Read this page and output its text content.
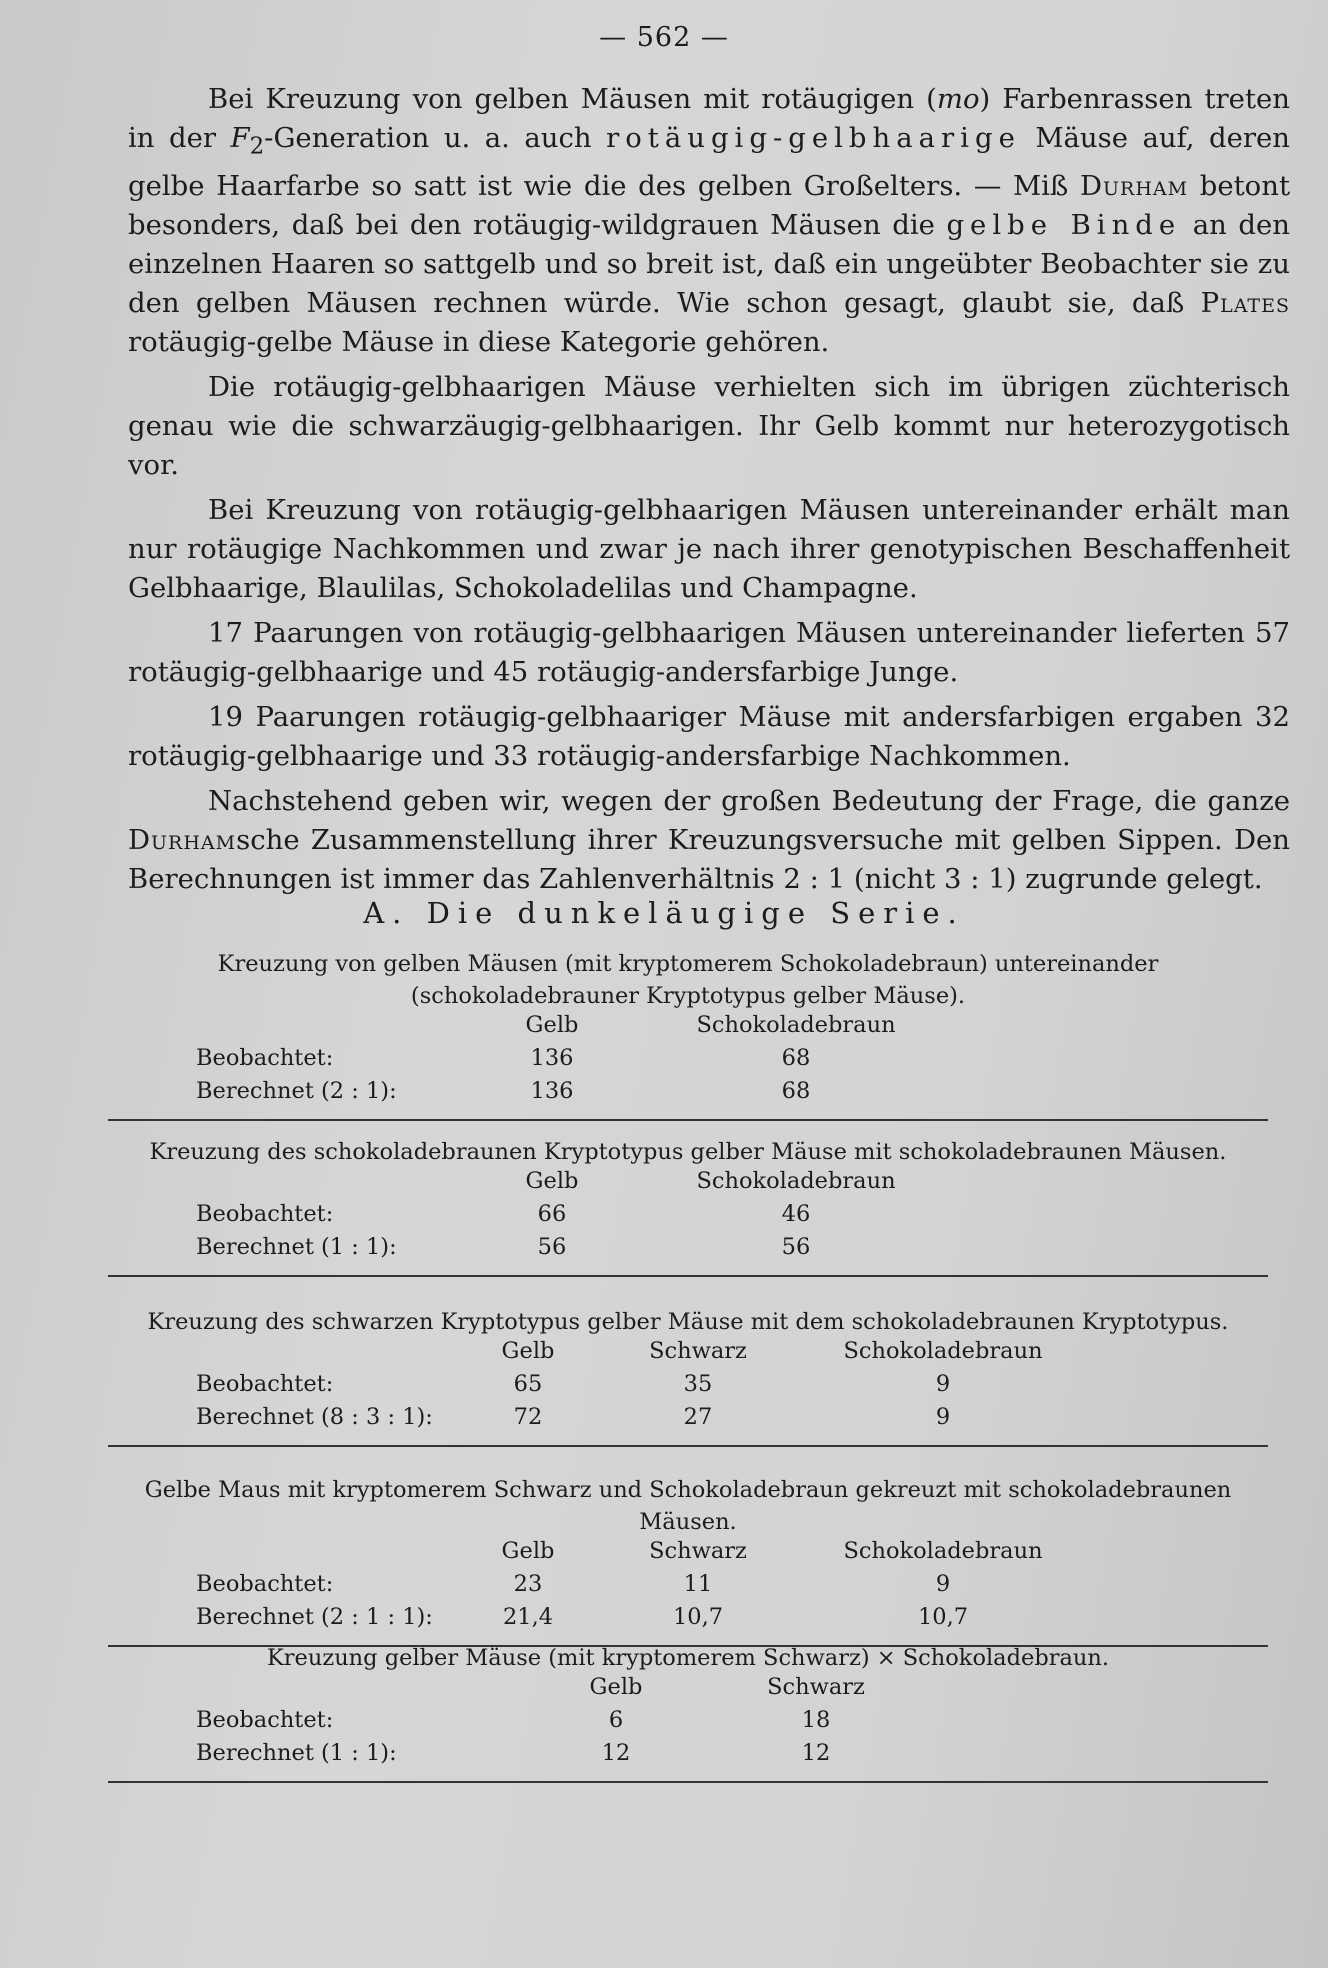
— 562 —

Bei Kreuzung von gelben Mäusen mit rotäugigen (mo) Farbenrassen treten in der $F_2$-Generation u. a. auch rotäugig-gelbhaarige Mäuse auf, deren gelbe Haarfarbe so satt ist wie die des gelben Großelters. — Miß Durham betont besonders, daß bei den rotäugig-wildgrauen Mäusen die gelbe Binde an den einzelnen Haaren so sattgelb und so breit ist, daß ein ungeübter Beobachter sie zu den gelben Mäusen rechnen würde. Wie schon gesagt, glaubt sie, daß Plates rotäugig-gelbe Mäuse in diese Kategorie gehören.

Die rotäugig-gelbhaarigen Mäuse verhielten sich im übrigen züchterisch genau wie die schwarzäugig-gelbhaarigen. Ihr Gelb kommt nur heterozygotisch vor.

Bei Kreuzung von rotäugig-gelbhaarigen Mäusen untereinander erhält man nur rotäugige Nachkommen und zwar je nach ihrer genotypischen Beschaffenheit Gelbhaarige, Blaulilas, Schokoladelilas und Champagne.

17 Paarungen von rotäugig-gelbhaarigen Mäusen untereinander lieferten 57 rotäugig-gelbhaarige und 45 rotäugig-andersfarbige Junge.

19 Paarungen rotäugig-gelbhaariger Mäuse mit andersfarbigen ergaben 32 rotäugig-gelbhaarige und 33 rotäugig-andersfarbige Nachkommen.

Nachstehend geben wir, wegen der großen Bedeutung der Frage, die ganze Durhamsche Zusammenstellung ihrer Kreuzungsversuche mit gelben Sippen. Den Berechnungen ist immer das Zahlenverhältnis 2 : 1 (nicht 3 : 1) zugrunde gelegt.

A. Die dunkeläugige Serie.
Kreuzung von gelben Mäusen (mit kryptomerem Schokoladebraun) untereinander
(schokoladebrauner Kryptotypus gelber Mäuse).
Gelb	Schokoladebraun
Beobachtet:	136	68
Berechnet (2 : 1):	136	68
Kreuzung des schokoladebraunen Kryptotypus gelber Mäuse mit schokoladebraunen Mäusen.
Gelb	Schokoladebraun
Beobachtet:	66	46
Berechnet (1 : 1):	56	56
Kreuzung des schwarzen Kryptotypus gelber Mäuse mit dem schokoladebraunen Kryptotypus.
Gelb	Schwarz	Schokoladebraun
Beobachtet:	65	35	9
Berechnet (8 : 3 : 1):	72	27	9
Gelbe Maus mit kryptomerem Schwarz und Schokoladebraun gekreuzt mit schokoladebraunen Mäusen.
Gelb	Schwarz	Schokoladebraun
Beobachtet:	23	11	9
Berechnet (2 : 1 : 1):	21,4	10,7	10,7
Kreuzung gelber Mäuse (mit kryptomerem Schwarz) × Schokoladebraun.
Gelb	Schwarz
Beobachtet:	6	18
Berechnet (1 : 1):	12	12
